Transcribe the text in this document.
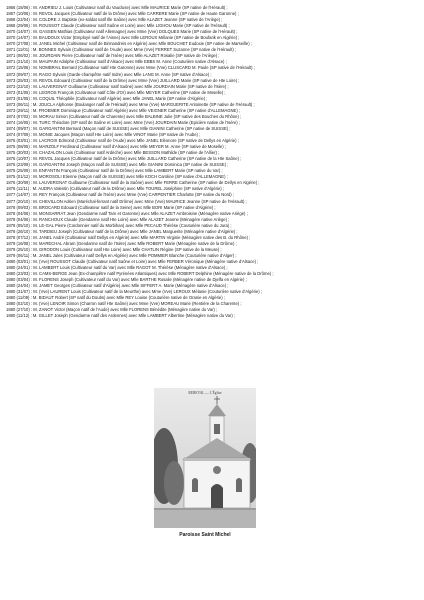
1866 (18/06) : M. ANDRIEU J. Louis (Cultivateur natif du Vaucluse) avec Mlle MAURICE Marie (SP native de l'Hérault) ;
1867 (10/06) : M. REVOL Jacques (Cultivateur natif de la Drôme) avec Mlle CARRERE Marie (SP native de Haute Garonne) ;
1868 (22/04) : M. COLDRE J. Baptiste (ex-soldat natif Ille Saône) avec Mlle ALAZET Jeanne (SP native de l'Ariège) ;
1868 (29/06) : M. ROUSSOT Claude (Cultivateur natif Saône et Loire) avec Mlle LIGHOU Marie (SP native de l'Hérault) ;
1870 (14/07) : M. GASSEN Mathias (Cultivateur natif Allemagne) avec Mme (Vve) DOLQUES Marie (SP native de l'Hérault) ;
1870 (14/07) : M. BAUDOUX Victor (Employé natif de l'Aisne) avec Mlle LEROUX Mélanie (SP native de Boufarik en Algérie) ;
1870 (27/08) : M. JANEL Michel (Cultivateur natif de Birmandreis en Algérie) avec Mlle BOUCHET Eudoxie (SP native de Marseille) ;
1871 (11/01) : M. BONNES Sylvain (Cultivateur natif de l'Aude) avec Mme (Vve) FERRET Suzanne (SP native de l'Hérault) ;
1871 (06/02) : M. JOURDAIN Pierre (Cultivateur natif de l'Isère) avec Mlle ALAZET Rosalie (SP native de l'Ariège) ;
1871 (21/10) : M. MAUPAIN Adolphe (Cultivateur natif d'Alsace) avec Mlle EBBS M. Anne (Couturière native d'Alsace) ;
1872 (15/06) : M. NOMBRAIL Bernard (Cultivateur natif Hte Garonne) avec Mme (Vve) CLUSCARD M. Paule (SP native de l'Hérault) ;
1872 (09/07) : M. RAGO Sylvain (Garde-champêtre natif Indre) avec Mlle LANG M. Anne (SP native d'Alsace) ;
1873 (25/03) : M. REVOL Edouard (Cultivateur natif de la Drôme) avec Mme (Vve) JUILLARD Marie (SP native de Hte Loire) ;
1873 (22/10) : M. LAUVERGNAT Guillaume (Cultivateur natif Saône) avec Mlle JOURDAIN Marie (SP native de l'Isère) ;
1873 (01/05) : M. LEGROS François (Cultivateur natif Côte d'Or) avec Mlle MEYER Catherine (SP native de Moselle) ;
1873 (01/05) : M. COQUIL Théophile (Cultivateur natif Algérie) avec Mlle JANEL Marie (SP native d'Algérie) ;
1873 (06/11) : M. JOUCLA Alphonse (Boulanger natif de l'Hérault) avec Mme (Vve) MARGUERITE Antoinette (SP native de l'Hérault) ;
1873 (29/11) : M. FROEMER Dominique (Cultivateur natif Algérie) avec Mlle VEIGNER Catherine (SP native d'ALLEMAGNE) ;
1874 (07/02) : M. MORAU Simon (Cultivateur natif de Charente) avec Mlle BALBINE Julie (SP native des Bouches du Rhône) ;
1874 (16/05) : M. TURC Théodore (SP natif de Saône et Loire) avec Mme (Vve) JOURDAIN Marie (Epicière native de l'Isère) ;
1874 (09/07) : M. GARGANTINI Bernard (Maçon natif de SUISSE) avec Mlle GIANINI Catherine (SP native de SUISSE) ;
1874 (07/09) : M. MONIE Jacques (Maçon natif Hte Loire) avec Mlle VINOT Marie (SP native de l'Aube) ;
1875 (03/01) : M. LACROIX Edmond (Cultivateur natif de l'Aude) avec Mlle JANEL Eléonore (SP native de Dellys en Algérie) ;
1875 (08/05) : M. MARZOLF Ferdinand (Cultivateur natif d'Alsace) avec Mlle MEYER M. Anne (SP native de Moselle) ;
1875 (30/03) : M. CHAZALON Louis (Cultivateur natif Ardèche) avec Mlle BESSON Mathilde (SP native de l'Allier) ;
1875 (10/07) : M. REVOL Jacques (Cultivateur natif de la Drôme) avec Mlle JUILLARD Catherine (SP native de la Hte Saône) ;
1875 (23/09) : M. GARGANTINI Joseph (Maçon natif de SUISSE) avec Mlle GIANINI Dominica (SP native de SUISSE) ;
1875 (25/09) : M. ENFANTIN François (Cultivateur natif de la Drôme) avec Mlle LAMBERT Marie (SP native du Var) ;
1875 (01/12) : M. MOROSOLI Etienne (Maçon natif de SUISSE) avec Mlle KOCH Caroline (SP native d'ALLEMAGNE) ;
1876 (30/09) : M. LAUVERGNAT Guillaume (Cultivateur natif de la Saône) avec Mlle FERRE Catherine (SP native de Dellys en Algérie) ;
1876 (11/11) : M. AUDRA Valentin (Cultivateur natif de la Drôme) avec Mlle TOUREL Joséphine (SP native d'Algérie) ;
1877 (14/07) : M. REY François (Cultivateur natif de l'Isère) avec Mme (Vve) CARPENTIER Charlotte (SP native du Nord) ;
1877 (20/10) : M. CHEVILLON Adrien (Maréchal-ferrant natif Drôme) avec Mme (Vve) MAURICE Jeanne (SP native de l'Hérault) ;
1878 (09/03) : M. BROCARD Edouard (Cultivateur natif de la Seine) avec Mlle BORI Marie (SP native d'Algérie) ;
1878 (04/06) : M. MONSARRAT Jean (Gendarme natif Tarn et Garonne) avec Mlle ALAZET Ambroisine (Ménagère native Ariège) ;
1878 (04/06) : M. RANCHOUX Claude (Gendarme natif Hte Loire) avec Mlle ALAZET Jeanne (Ménagère native Ariège) ;
1878 (05/10) : M. LE-GAL Pierre (Cordonnier natif du Morbihan) avec Mlle PECAUD Thérèse (Couturière native du Jura) ;
1878 (26/10) : M. TARDIEU Joseph (Cultivateur natif de la Drôme) avec Mlle JANEL Marguerite (Ménagère native d'Algérie) ;
1878 (07/12) : M. JANEL André (Cultivateur natif Dellys en Algérie) avec Mlle MARTIN Virginie (Ménagère native des B. du Rhône) ;
1879 (16/08) : M. MARECHAL Abram (Gendarme natif de l'Isère) avec Mlle ROBERT Marie (Ménagère native de la Drôme) ;
1879 (25/10) : M. GIRODON Louis (Cultivateur natif Hte Loire) avec Mlle CHATLIN Régine (SP native de la Meuse) ;
1879 (06/11) : M. JANEL Jules (Cultivateur natif Dellys en Algérie) avec Mlle POMMIER Blanche (Couturière native d'Alger) ;
1880 (03/01) : M. (Vve) ROUSSOT Claude (Cultivateur natif Saône et Loire) avec Mlle FERBER Véronique (Ménagère native d'Alsace) ;
1880 (24/01) : M. LAMBERT Louis (Cultivateur natif du Var) avec Mlle RAGOT M. Thérèse (Ménagère native d'Alsace) ;
1880 (23/03) : M. CAMS-BERGE Jean (Ex-champêtre natif Pyrénées Atlantiques) avec Mlle ROBERT Delphine (Ménagère native de la Drôme) ;
1880 (03/04) : M. FLORENS Joseph (Cultivateur natif du Var) avec Mlle BARTHE Rosalie (Ménagère native de Djelfa en Algérie) ;
1880 (24/04) : M. JAMET Georges (Cultivateur natif d'Algérie) avec Mlle SIFFERT A. Marie (Ménagère native d'Alsace) ;
1880 (31/07) : M. (Vve) LAURENT Louis (Cultivateur natif de la Meurthe) avec Mme (Vve) LEROUX Mélanie (Couturière native d'Algérie) ;
1880 (11/09) : M. BIDAUT Robert (SP natif du Doubs) avec Mlle REY Louise (Couturière native de Oranie en Algérie) ;
1880 (02/10) : M. (Vve) LENOIR Simon (Charron natif Hte Saône) avec Mme (Vve) MOREAU Marie (Rentière de la Charente) ;
1880 (27/10) : M. ZANOT Victor (Maçon natif de l'Aude) avec Mlle FLORENS Bénédite (Ménagère native du Var) ;
1880 (11/12) : M. GILLET Joseph (Gendarme natif des Ardennes) avec Mlle LAMBERT Albertine (Ménagère native du Var) ;
REBEVAL — L'Église
Paroisse Saint Michel
